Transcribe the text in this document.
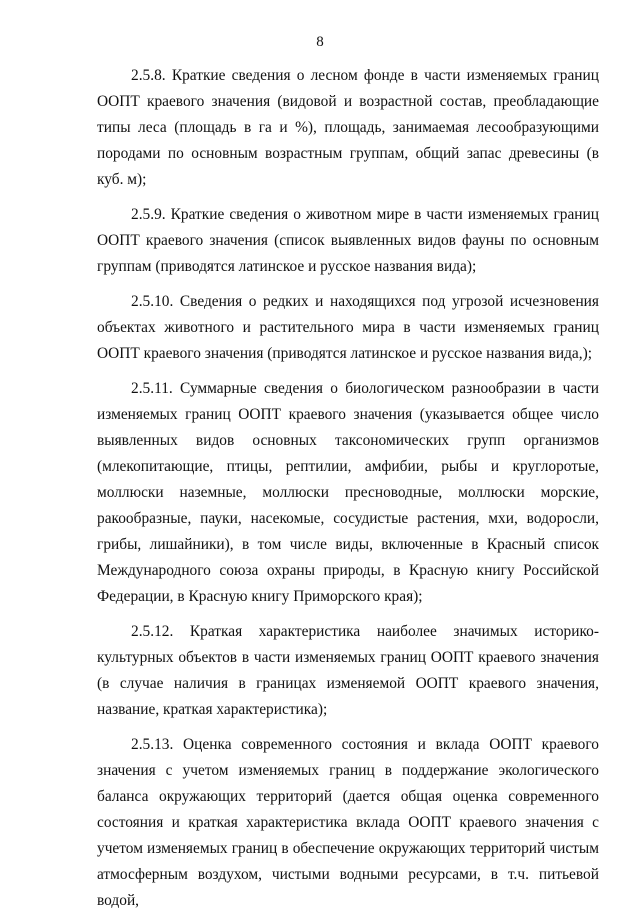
8

2.5.8. Краткие сведения о лесном фонде в части изменяемых границ ООПТ краевого значения (видовой и возрастной состав, преобладающие типы леса (площадь в га и %), площадь, занимаемая лесообразующими породами по основным возрастным группам, общий запас древесины (в куб. м);

2.5.9. Краткие сведения о животном мире в части изменяемых границ ООПТ краевого значения (список выявленных видов фауны по основным группам (приводятся латинское и русское названия вида);

2.5.10. Сведения о редких и находящихся под угрозой исчезновения объектах животного и растительного мира в части изменяемых границ ООПТ краевого значения (приводятся латинское и русское названия вида,);

2.5.11. Суммарные сведения о биологическом разнообразии в части изменяемых границ ООПТ краевого значения (указывается общее число выявленных видов основных таксономических групп организмов (млекопитающие, птицы, рептилии, амфибии, рыбы и круглоротые, моллюски наземные, моллюски пресноводные, моллюски морские, ракообразные, пауки, насекомые, сосудистые растения, мхи, водоросли, грибы, лишайники), в том числе виды, включенные в Красный список Международного союза охраны природы, в Красную книгу Российской Федерации, в Красную книгу Приморского края);

2.5.12. Краткая характеристика наиболее значимых историко-культурных объектов в части изменяемых границ ООПТ краевого значения (в случае наличия в границах изменяемой ООПТ краевого значения, название, краткая характеристика);

2.5.13. Оценка современного состояния и вклада ООПТ краевого значения с учетом изменяемых границ в поддержание экологического баланса окружающих территорий (дается общая оценка современного состояния и краткая характеристика вклада ООПТ краевого значения с учетом изменяемых границ в обеспечение окружающих территорий чистым атмосферным воздухом, чистыми водными ресурсами, в т.ч. питьевой водой,
